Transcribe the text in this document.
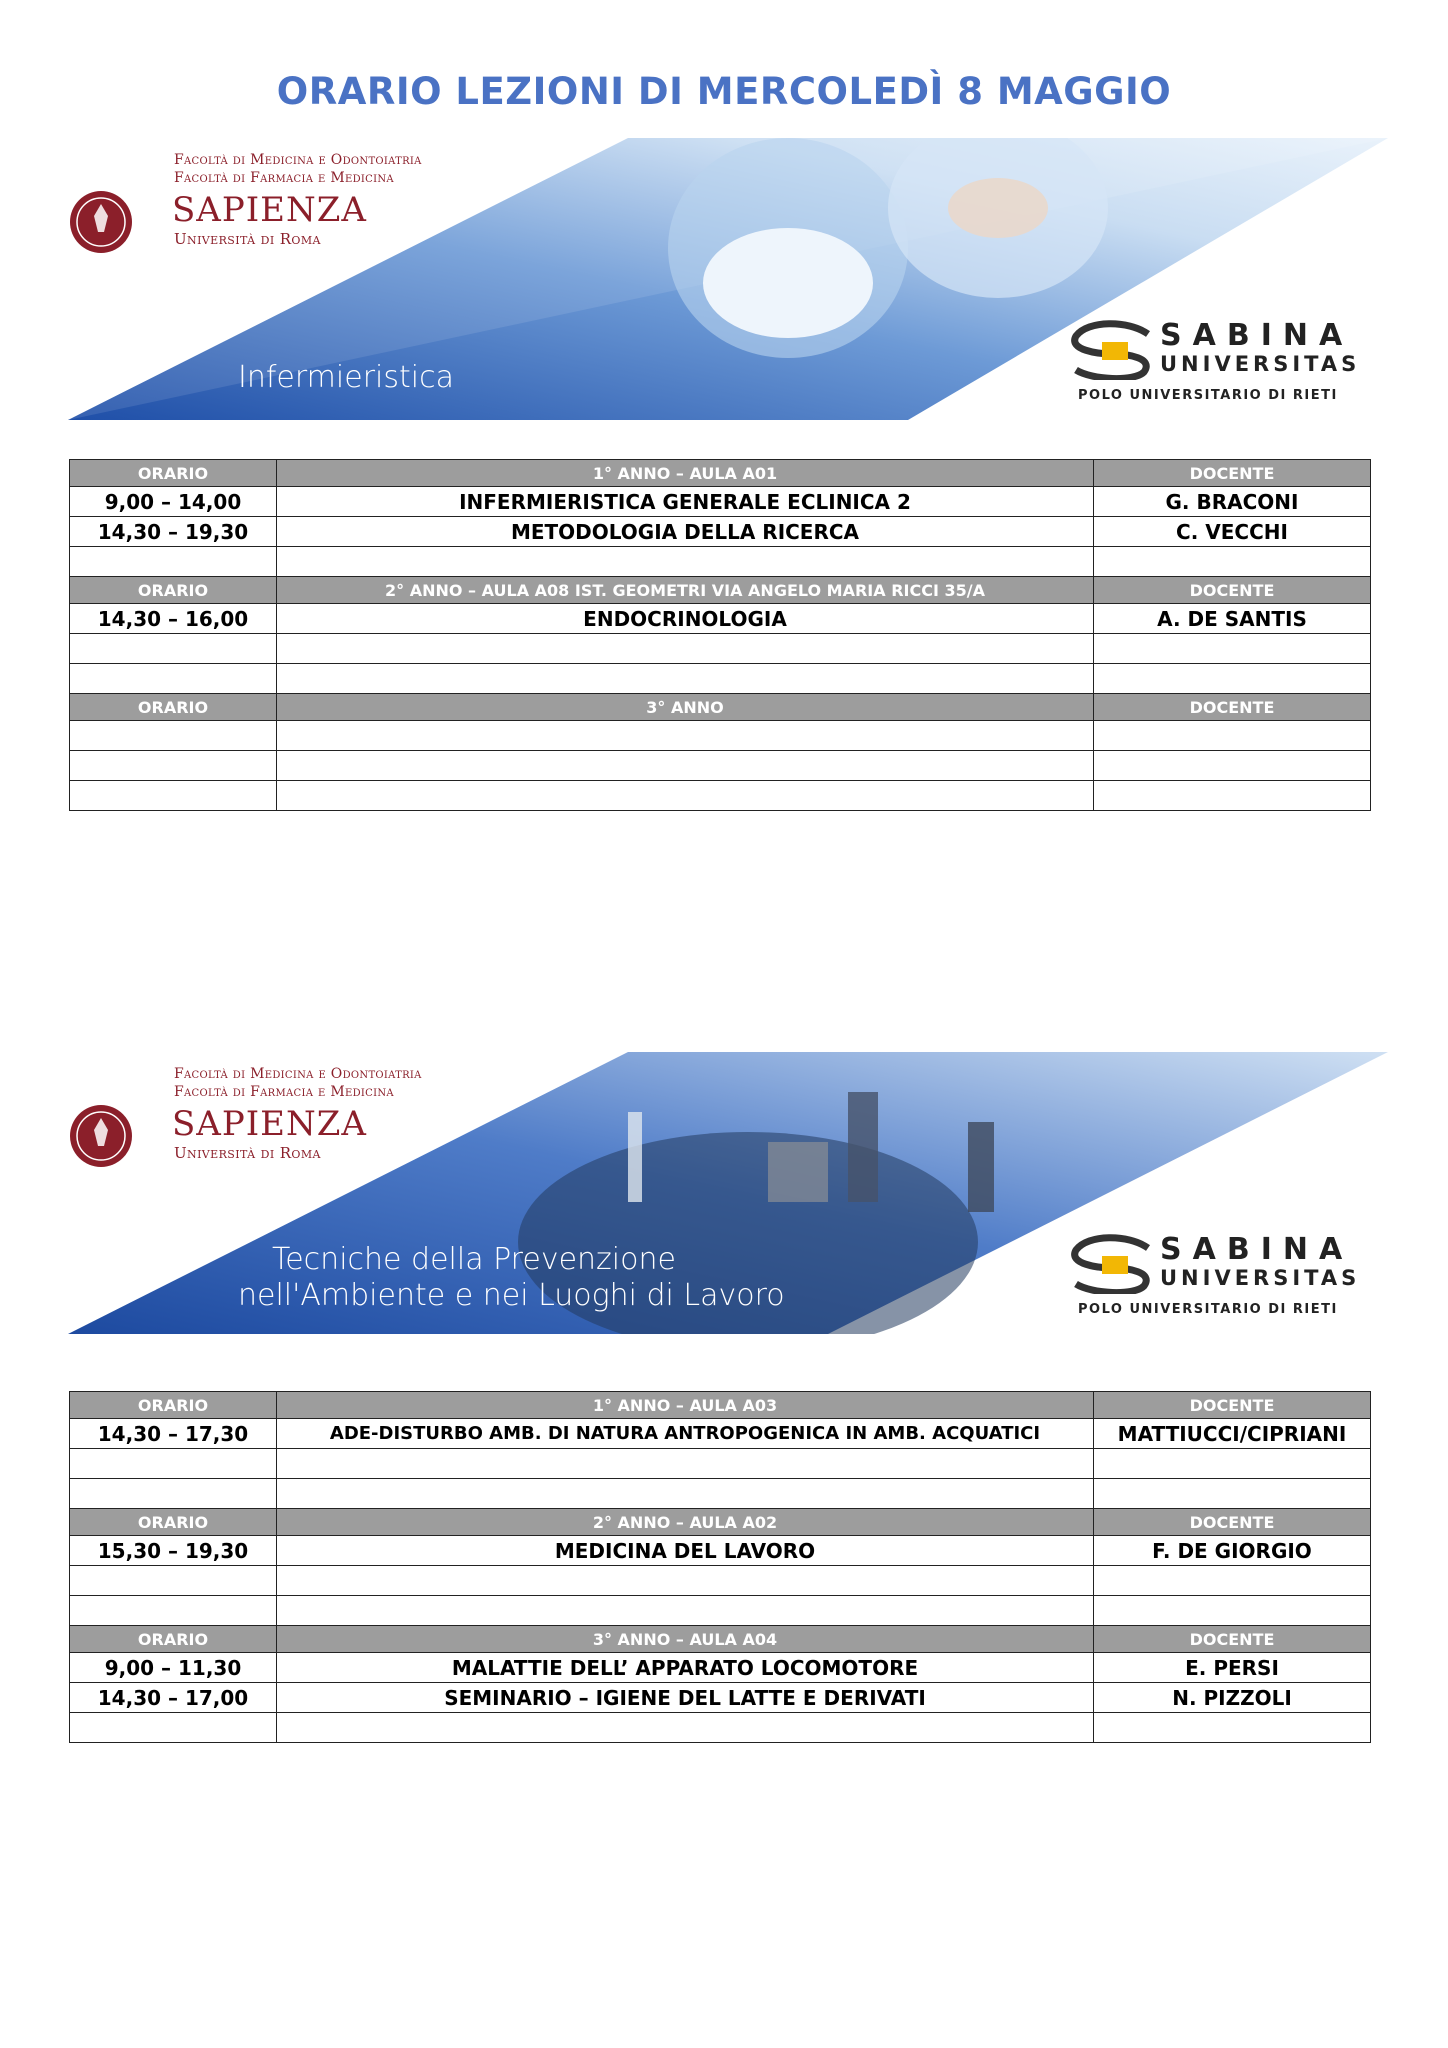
ORARIO LEZIONI DI MERCOLEDÌ 8 MAGGIO
Facoltà di Medicina e Odontoiatria
Facoltà di Farmacia e Medicina
SAPIENZA
Università di Roma
Infermieristica
SABINA
UNIVERSITAS
POLO UNIVERSITARIO DI RIETI
ORARIO	1° ANNO – AULA A01	DOCENTE
9,00 – 14,00	INFERMIERISTICA GENERALE ECLINICA 2	G. BRACONI
14,30 – 19,30	METODOLOGIA DELLA RICERCA	C. VECCHI

ORARIO	2° ANNO – AULA A08 IST. GEOMETRI VIA ANGELO MARIA RICCI 35/A	DOCENTE
14,30 – 16,00	ENDOCRINOLOGIA	A. DE SANTIS

ORARIO	3° ANNO	DOCENTE

Facoltà di Medicina e Odontoiatria
Facoltà di Farmacia e Medicina
SAPIENZA
Università di Roma
Tecniche della Prevenzione
nell'Ambiente e nei Luoghi di Lavoro
SABINA
UNIVERSITAS
POLO UNIVERSITARIO DI RIETI
ORARIO	1° ANNO – AULA A03	DOCENTE
14,30 – 17,30	ADE-DISTURBO AMB. DI NATURA ANTROPOGENICA IN AMB. ACQUATICI	MATTIUCCI/CIPRIANI

ORARIO	2° ANNO – AULA A02	DOCENTE
15,30 – 19,30	MEDICINA DEL LAVORO	F. DE GIORGIO

ORARIO	3° ANNO – AULA A04	DOCENTE
9,00 – 11,30	MALATTIE DELL’ APPARATO LOCOMOTORE	E. PERSI
14,30 – 17,00	SEMINARIO – IGIENE DEL LATTE E DERIVATI	N. PIZZOLI
